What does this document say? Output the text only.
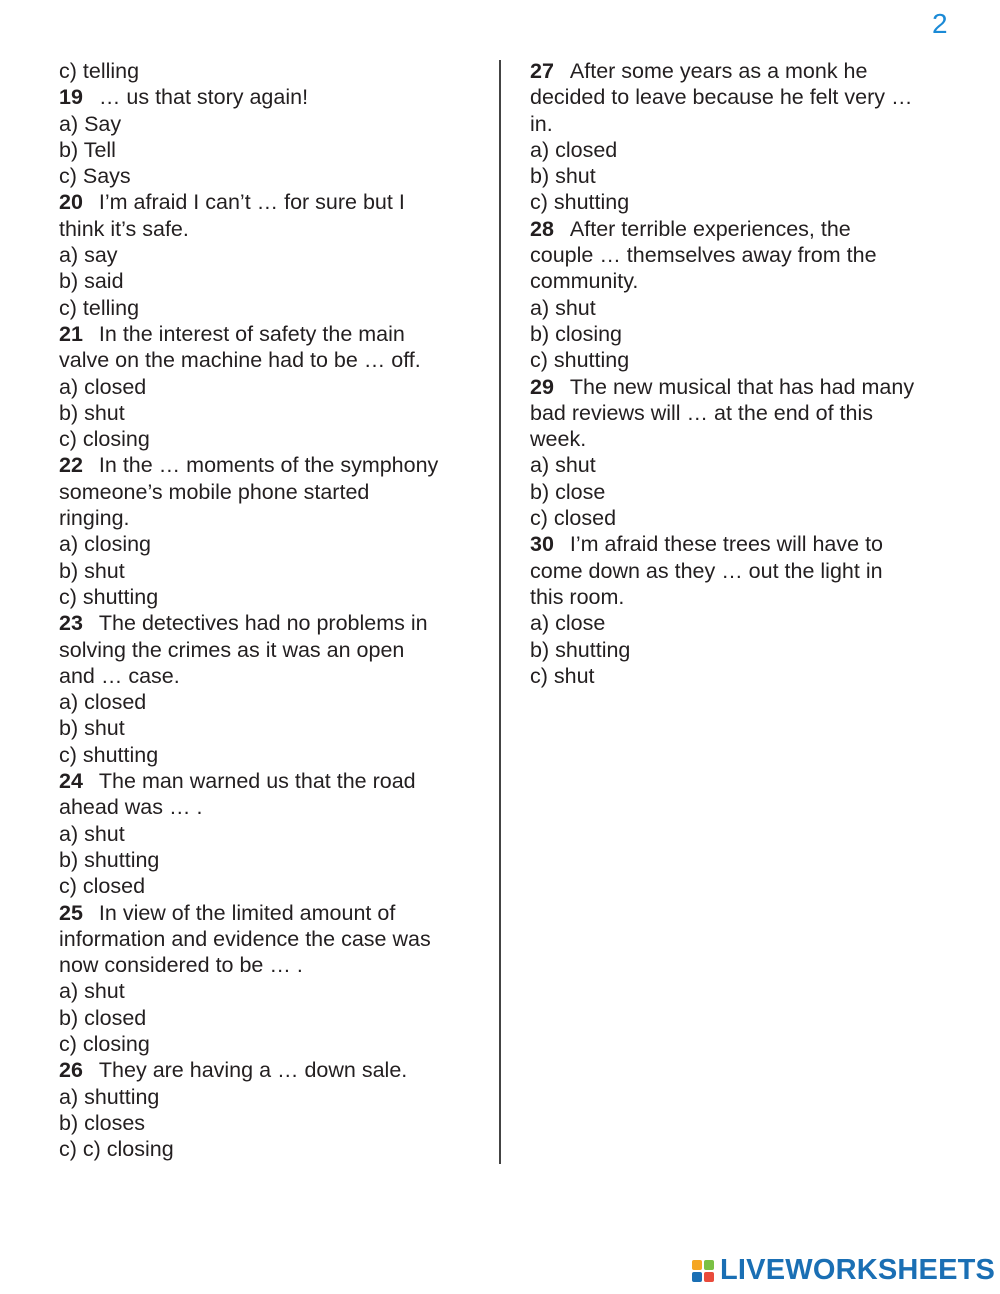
2
c) telling
19 … us that story again!
a) Say
b) Tell
c) Says
20 I’m afraid I can’t … for sure but I
think it’s safe.
a) say
b) said
c) telling
21 In the interest of safety the main
valve on the machine had to be … off.
a) closed
b) shut
c) closing
22 In the … moments of the symphony
someone’s mobile phone started
ringing.
a) closing
b) shut
c) shutting
23 The detectives had no problems in
solving the crimes as it was an open
and … case.
a) closed
b) shut
c) shutting
24 The man warned us that the road
ahead was … .
a) shut
b) shutting
c) closed
25 In view of the limited amount of
information and evidence the case was
now considered to be … .
a) shut
b) closed
c) closing
26 They are having a … down sale.
a) shutting
b) closes
c) c) closing
27 After some years as a monk he
decided to leave because he felt very …
in.
a) closed
b) shut
c) shutting
28 After terrible experiences, the
couple … themselves away from the
community.
a) shut
b) closing
c) shutting
29 The new musical that has had many
bad reviews will … at the end of this
week.
a) shut
b) close
c) closed
30 I’m afraid these trees will have to
come down as they … out the light in
this room.
a) close
b) shutting
c) shut
LIVEWORKSHEETS
